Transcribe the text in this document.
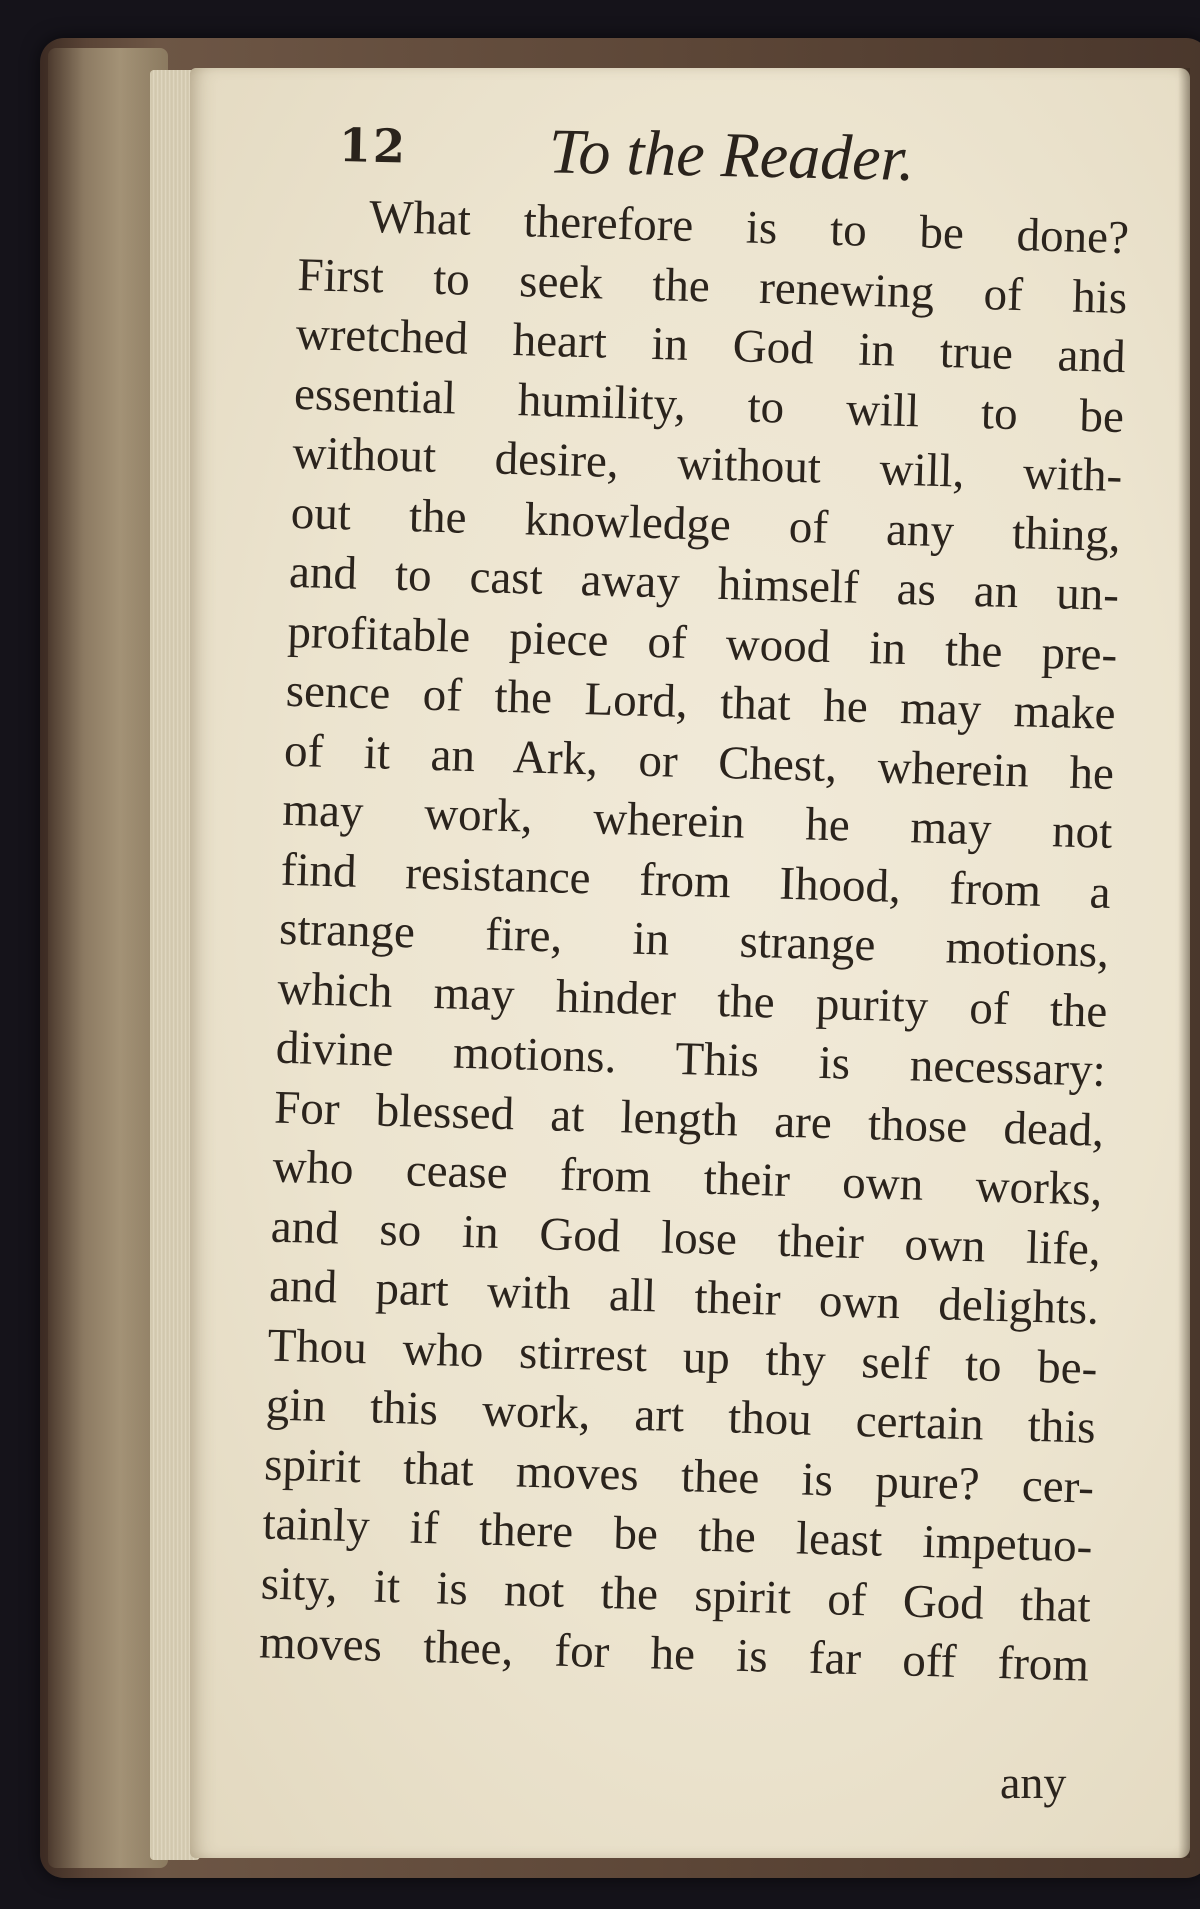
12 To the Reader.
What therefore is to be done?
First to seek the renewing of his
wretched heart in God in true and
essential humility, to will to be
without desire, without will, with-
out the knowledge of any thing,
and to cast away himself as an un-
profitable piece of wood in the pre-
sence of the Lord, that he may make
of it an Ark, or Chest, wherein he
may work, wherein he may not
find resistance from Ihood, from a
strange fire, in strange motions,
which may hinder the purity of the
divine motions. This is necessary:
For blessed at length are those dead,
who cease from their own works,
and so in God lose their own life,
and part with all their own delights.
Thou who stirrest up thy self to be-
gin this work, art thou certain this
spirit that moves thee is pure? cer-
tainly if there be the least impetuo-
sity, it is not the spirit of God that
moves thee, for he is far off from
any
